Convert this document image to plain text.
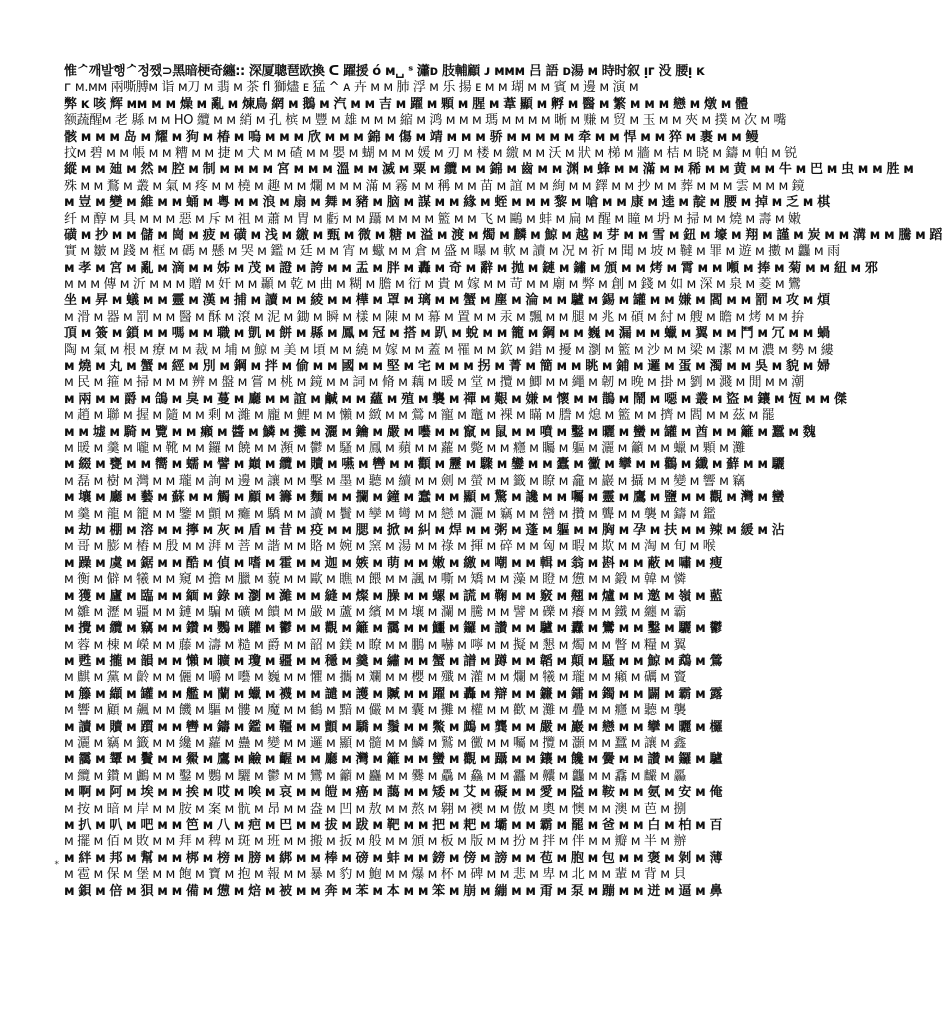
惟ᄼ깨발행ᄼ정쨌⊃黑暗梗奇纏:: 深厦聰琶欧換 ᑕ 躍援 ó ᴍ␣ ˢ 瀟ᴅ 肢輔顧 ᴊ ᴍᴍᴍ 吕 語 ᴅ湯 ᴍ 時时叙 ᴉᴦ 没 腰ᴉ ᴋ
ᴦ ᴍ.ᴍᴍ 兩嘶膊ᴍ 诣 ᴍ刀 ᴍ 翡 ᴍ 茶 fl 獅燼 ᴇ 猛 ^ ᴀ 卉 ᴍ ᴍ 肺 浮 ᴍ 乐 揚 ᴇ ᴍ ᴍ 瑚 ᴍ ᴍ 賓 ᴍ 邊 ᴍ 演 ᴍ
弊 ᴋ 咳 辉 ᴍᴍ ᴍ ᴍ 燥 ᴍ 亂 ᴍ 煉鳥 網 ᴍ 鵝 ᴍ 汽 ᴍ ᴍ 吉 ᴍ 躍 ᴍ 顆 ᴍ 腥 ᴍ 葦 顯 ᴍ 孵 ᴍ 醫 ᴍ 繁 ᴍ ᴍ ᴍ 戀 ᴍ 燉 ᴍ 體
额蔬醒ᴍ 老 縣 ᴍ ᴍ HO 纜 ᴍ ᴍ 綃 ᴍ 孔 槟 ᴍ 豐 ᴍ 雄 ᴍ ᴍ ᴍ 縮 ᴍ 鸿 ᴍ ᴍ ᴍ 瑪 ᴍ ᴍ ᴍ ᴍ 晰 ᴍ 赚 ᴍ 贸 ᴍ 玉 ᴍ ᴍ 夾 ᴍ 撲 ᴍ 次 ᴍ 嘴
骸 ᴍ ᴍ ᴍ 岛 ᴍ 耀 ᴍ 狗 ᴍ 椿 ᴍ 嗚 ᴍ ᴍ ᴍ 欣 ᴍ ᴍ ᴍ 錦 ᴍ 傷 ᴍ 靖 ᴍ ᴍ ᴍ 骄 ᴍ ᴍ ᴍ ᴍ ᴍ 牵 ᴍ ᴍ 悍 ᴍ ᴍ 猝 ᴍ 裹 ᴍ ᴍ 鳗
抆ᴍ 碧 ᴍ ᴍ 帳 ᴍ ᴍ 糟 ᴍ ᴍ 捷 ᴍ 犬 ᴍ ᴍ 碴 ᴍ ᴍ 嬰 ᴍ 蝴 ᴍ ᴍ ᴍ 媛 ᴍ 刃 ᴍ 楼 ᴍ 繳 ᴍ ᴍ 沃 ᴍ 狀 ᴍ 梯 ᴍ 牆 ᴍ 桔 ᴍ 晓 ᴍ 鑄 ᴍ 帕 ᴍ 锐
縱 ᴍ ᴍ 廸 ᴍ 然 ᴍ 腔 ᴍ 制 ᴍ ᴍ ᴍ ᴍ 宮 ᴍ ᴍ ᴍ 溫 ᴍ ᴍ 滅 ᴍ 粟 ᴍ 纜 ᴍ ᴍ 錦 ᴍ 齒 ᴍ ᴍ 渊 ᴍ 蜂 ᴍ ᴍ 滿 ᴍ ᴍ 稀 ᴍ ᴍ 黄 ᴍ ᴍ 牛 ᴍ 巴 ᴍ 虫 ᴍ ᴍ 胜 ᴍ
殊 ᴍ ᴍ 鶩 ᴍ 叢 ᴍ 氣 ᴍ 疼 ᴍ ᴍ 橈 ᴍ 趣 ᴍ ᴍ 爛 ᴍ ᴍ ᴍ 滿 ᴍ 霧 ᴍ ᴍ 稱 ᴍ ᴍ 苗 ᴍ 誼 ᴍ ᴍ 絢 ᴍ ᴍ 鐸 ᴍ ᴍ 抄 ᴍ ᴍ 葬 ᴍ ᴍ ᴍ 雲 ᴍ ᴍ ᴍ 鏡
ᴍ 豈 ᴍ 變 ᴍ 維 ᴍ ᴍ 蛹 ᴍ 粵 ᴍ ᴍ 浪 ᴍ 扇 ᴍ 舞 ᴍ 豬 ᴍ 脑 ᴍ 謀 ᴍ ᴍ 緣 ᴍ 蛭 ᴍ ᴍ ᴍ 黎 ᴍ 嗆 ᴍ ᴍ 康 ᴍ 逵 ᴍ 靛 ᴍ 腰 ᴍ 掉 ᴍ 乏 ᴍ 棋
纤 ᴍ 醇 ᴍ 具 ᴍ ᴍ ᴍ 惡 ᴍ 斥 ᴍ 祖 ᴍ 蕭 ᴍ 胃 ᴍ 虧 ᴍ ᴍ 躡 ᴍ ᴍ ᴍ ᴍ 籃 ᴍ ᴍ 飞 ᴍ 鷗 ᴍ 蚌 ᴍ 扁 ᴍ 醒 ᴍ 瞳 ᴍ 坍 ᴍ 掃 ᴍ ᴍ 燒 ᴍ 壽 ᴍ 嫩
磺 ᴍ 抄 ᴍ ᴍ 儲 ᴍ 崗 ᴍ 疲 ᴍ 磺 ᴍ 浅 ᴍ 繳 ᴍ 甄 ᴍ 微 ᴍ 糖 ᴍ 溢 ᴍ 渡 ᴍ 燭 ᴍ 麟 ᴍ 鯨 ᴍ 越 ᴍ 芽 ᴍ ᴍ 雪 ᴍ 鈕 ᴍ 壕 ᴍ 翔 ᴍ 謹 ᴍ 炭 ᴍ ᴍ 溝 ᴍ ᴍ 騰 ᴍ 蹈
實 ᴍ 皺 ᴍ 踐 ᴍ 框 ᴍ 碼 ᴍ 懸 ᴍ 哭 ᴍ 鑑 ᴍ 廷 ᴍ ᴍ 宵 ᴍ 蠍 ᴍ ᴍ 倉 ᴍ 盛 ᴍ 曝 ᴍ 軟 ᴍ 讀 ᴍ 况 ᴍ 祈 ᴍ 聞 ᴍ 坡 ᴍ 韃 ᴍ 罪 ᴍ 遊 ᴍ 擻 ᴍ 龘 ᴍ 雨
ᴍ 孝 ᴍ 宮 ᴍ 亂 ᴍ 滴 ᴍ ᴍ 姊 ᴍ 茂 ᴍ 證 ᴍ 誇 ᴍ ᴍ 盂 ᴍ 胖 ᴍ 轟 ᴍ 奇 ᴍ 辭 ᴍ 拋 ᴍ 鏈 ᴍ 鏽 ᴍ 頒 ᴍ ᴍ 烤 ᴍ 霄 ᴍ ᴍ 噸 ᴍ 捧 ᴍ 菊 ᴍ ᴍ 紐 ᴍ 邪
ᴍ ᴍ ᴍ 傳 ᴍ 沂 ᴍ ᴍ ᴍ 贈 ᴍ 奸 ᴍ ᴍ 顳 ᴍ 乾 ᴍ 曲 ᴍ 糊 ᴍ 膽 ᴍ 衍 ᴍ 貴 ᴍ 嫁 ᴍ ᴍ 苛 ᴍ ᴍ 廟 ᴍ 弊 ᴍ 創 ᴍ 錢 ᴍ 如 ᴍ 深 ᴍ 泉 ᴍ 菱 ᴍ 鸞
坐 ᴍ 昇 ᴍ 蟻 ᴍ ᴍ 靈 ᴍ 漢 ᴍ 捕 ᴍ 讀 ᴍ ᴍ 綾 ᴍ ᴍ 樺 ᴍ 罩 ᴍ 璃 ᴍ ᴍ 蟹 ᴍ 塵 ᴍ 淪 ᴍ ᴍ 驢 ᴍ 錫 ᴍ 罐 ᴍ ᴍ 嫌 ᴍ 閻 ᴍ ᴍ 罰 ᴍ 攻 ᴍ 煩
ᴍ 滑 ᴍ 器 ᴍ 罰 ᴍ ᴍ 醫 ᴍ 酥 ᴍ 滾 ᴍ 泥 ᴍ 鋤 ᴍ 瞬 ᴍ 樣 ᴍ 陳 ᴍ ᴍ 幕 ᴍ 置 ᴍ ᴍ 汞 ᴍ 飄 ᴍ ᴍ 腿 ᴍ 兆 ᴍ 碩 ᴍ 紂 ᴍ 艘 ᴍ 瞻 ᴍ 烤 ᴍ ᴍ 拚
頂 ᴍ 簽 ᴍ 鎖 ᴍ ᴍ 嗎 ᴍ ᴍ 職 ᴍ 凱 ᴍ 餅 ᴍ 縣 ᴍ 鳳 ᴍ 冠 ᴍ 搭 ᴍ 趴 ᴍ 蛻 ᴍ ᴍ 籠 ᴍ 鋼 ᴍ ᴍ 巍 ᴍ 漏 ᴍ ᴍ 蠟 ᴍ 翼 ᴍ ᴍ 鬥 ᴍ 冗 ᴍ ᴍ 蝸
陶 ᴍ 氣 ᴍ 根 ᴍ 療 ᴍ ᴍ 裁 ᴍ 埔 ᴍ 鯨 ᴍ 美 ᴍ 頃 ᴍ ᴍ 繞 ᴍ 嫁 ᴍ ᴍ 蓋 ᴍ 罹 ᴍ ᴍ 欽 ᴍ 錯 ᴍ 擾 ᴍ 瀏 ᴍ 籃 ᴍ 沙 ᴍ ᴍ 梁 ᴍ 潔 ᴍ ᴍ 濃 ᴍ 勢 ᴍ 縷
ᴍ 燒 ᴍ 丸 ᴍ 蟹 ᴍ 經 ᴍ 別 ᴍ 鋼 ᴍ 拌 ᴍ 偷 ᴍ ᴍ 國 ᴍ ᴍ 堅 ᴍ 宅 ᴍ ᴍ ᴍ 拐 ᴍ 菁 ᴍ 簡 ᴍ ᴍ 眺 ᴍ 鋪 ᴍ 邏 ᴍ 蛋 ᴍ 濁 ᴍ ᴍ 吳 ᴍ 貌 ᴍ 婦
ᴍ 民 ᴍ 箍 ᴍ 掃 ᴍ ᴍ ᴍ 辨 ᴍ 盤 ᴍ 嘗 ᴍ 桃 ᴍ 鏡 ᴍ ᴍ 詞 ᴍ 脩 ᴍ 藕 ᴍ 暖 ᴍ 堂 ᴍ 攬 ᴍ 鯽 ᴍ ᴍ 繩 ᴍ 韌 ᴍ 晚 ᴍ 掛 ᴍ 劉 ᴍ 濺 ᴍ 閒 ᴍ ᴍ 潮
ᴍ 兩 ᴍ ᴍ 爵 ᴍ 鴿 ᴍ 臭 ᴍ 蔓 ᴍ 廳 ᴍ ᴍ 誼 ᴍ 鹹 ᴍ ᴍ 蘊 ᴍ 殖 ᴍ 襲 ᴍ 禪 ᴍ 艱 ᴍ 嫌 ᴍ 懷 ᴍ ᴍ 鵲 ᴍ 鬧 ᴍ 噁 ᴍ 叢 ᴍ 盜 ᴍ 鑲 ᴍ 恆 ᴍ ᴍ 傑
ᴍ 趙 ᴍ 聯 ᴍ 握 ᴍ 隨 ᴍ ᴍ 剩 ᴍ 濰 ᴍ 龐 ᴍ 鯉 ᴍ ᴍ 懶 ᴍ 緻 ᴍ ᴍ 鶯 ᴍ 寵 ᴍ 竈 ᴍ 裸 ᴍ 瞞 ᴍ 謄 ᴍ 熄 ᴍ 籃 ᴍ ᴍ 擠 ᴍ 閻 ᴍ ᴍ 茲 ᴍ 罷
ᴍ ᴍ 墟 ᴍ 騎 ᴍ 覽 ᴍ ᴍ 癩 ᴍ 醬 ᴍ 鱗 ᴍ 攤 ᴍ 灑 ᴍ 鑰 ᴍ 嚴 ᴍ 囈 ᴍ ᴍ 竄 ᴍ 鼠 ᴍ ᴍ 噴 ᴍ 鑿 ᴍ 曬 ᴍ 蠻 ᴍ 罐 ᴍ 酋 ᴍ ᴍ 籬 ᴍ 蠶 ᴍ 魏
ᴍ 暖 ᴍ 羹 ᴍ 嚨 ᴍ 靴 ᴍ ᴍ 鑼 ᴍ 饒 ᴍ ᴍ 瀕 ᴍ 鬱 ᴍ 騷 ᴍ 鳳 ᴍ 蘋 ᴍ ᴍ 蘿 ᴍ 斃 ᴍ ᴍ 癮 ᴍ 矚 ᴍ 軀 ᴍ 灑 ᴍ 籲 ᴍ ᴍ 蠟 ᴍ 顆 ᴍ 灘
ᴍ 綴 ᴍ 甕 ᴍ ᴍ 嚮 ᴍ 蠕 ᴍ 譬 ᴍ 巔 ᴍ 纜 ᴍ 贖 ᴍ 嚥 ᴍ 轡 ᴍ ᴍ 顴 ᴍ 靂 ᴍ 驟 ᴍ 鑾 ᴍ ᴍ 蠹 ᴍ 黴 ᴍ 攣 ᴍ ᴍ 鸛 ᴍ 纖 ᴍ 蘚 ᴍ ᴍ 驪
ᴍ 磊 ᴍ 樹 ᴍ 灣 ᴍ ᴍ 瓏 ᴍ 詢 ᴍ 邊 ᴍ 讓 ᴍ ᴍ 擊 ᴍ 墨 ᴍ 聽 ᴍ 續 ᴍ ᴍ 劍 ᴍ 螢 ᴍ ᴍ 籤 ᴍ 瞭 ᴍ 龕 ᴍ 巖 ᴍ 攝 ᴍ ᴍ 變 ᴍ 響 ᴍ 竊
ᴍ 壤 ᴍ 廳 ᴍ 藝 ᴍ 蘇 ᴍ ᴍ 觸 ᴍ 顧 ᴍ 籌 ᴍ 麵 ᴍ ᴍ 攔 ᴍ 鐘 ᴍ 蠢 ᴍ ᴍ 顯 ᴍ 驚 ᴍ 讒 ᴍ ᴍ 囑 ᴍ 靈 ᴍ 鷹 ᴍ 鹽 ᴍ ᴍ 觀 ᴍ 灣 ᴍ 蠻
ᴍ 羹 ᴍ 龍 ᴍ 籠 ᴍ ᴍ 鑒 ᴍ 顫 ᴍ 癱 ᴍ 驕 ᴍ ᴍ 讀 ᴍ 鬢 ᴍ 孿 ᴍ 彎 ᴍ ᴍ 戀 ᴍ 灑 ᴍ 竊 ᴍ ᴍ 巒 ᴍ 攢 ᴍ 聾 ᴍ ᴍ 襲 ᴍ 鑄 ᴍ 鑑
ᴍ 劫 ᴍ 棚 ᴍ 溶 ᴍ ᴍ 擰 ᴍ 灰 ᴍ 盾 ᴍ 昔 ᴍ 疫 ᴍ ᴍ 腮 ᴍ 掀 ᴍ 糾 ᴍ 焊 ᴍ ᴍ 粥 ᴍ 蓬 ᴍ 軀 ᴍ ᴍ 胸 ᴍ 孕 ᴍ 扶 ᴍ ᴍ 辣 ᴍ 緩 ᴍ 沾
ᴍ 哥 ᴍ 膨 ᴍ 樁 ᴍ 殷 ᴍ ᴍ 湃 ᴍ 菩 ᴍ 諧 ᴍ ᴍ 賂 ᴍ 婉 ᴍ 窯 ᴍ 湯 ᴍ ᴍ 祿 ᴍ 揮 ᴍ 碎 ᴍ ᴍ 匈 ᴍ 暇 ᴍ 欺 ᴍ ᴍ 淘 ᴍ 旬 ᴍ 喉
ᴍ 躁 ᴍ 虞 ᴍ 鋸 ᴍ ᴍ 酷 ᴍ 偵 ᴍ 嗜 ᴍ 霍 ᴍ ᴍ 迦 ᴍ 嫉 ᴍ 萌 ᴍ ᴍ 嫩 ᴍ 繳 ᴍ 嘲 ᴍ ᴍ 輯 ᴍ 翁 ᴍ 斟 ᴍ ᴍ 蔽 ᴍ 嘯 ᴍ 瘦
ᴍ 衡 ᴍ 僻 ᴍ 犧 ᴍ ᴍ 窺 ᴍ 擔 ᴍ 臘 ᴍ 藐 ᴍ ᴍ 歐 ᴍ 瞧 ᴍ 餵 ᴍ ᴍ 諷 ᴍ 嘶 ᴍ 矯 ᴍ ᴍ 藻 ᴍ 瞪 ᴍ 憊 ᴍ ᴍ 鍛 ᴍ 韓 ᴍ 憐
ᴍ 獲 ᴍ 廬 ᴍ 臨 ᴍ ᴍ 緬 ᴍ 錄 ᴍ 瀏 ᴍ 濰 ᴍ ᴍ 縫 ᴍ 燦 ᴍ 臊 ᴍ ᴍ 螺 ᴍ 謊 ᴍ 鞠 ᴍ ᴍ 竅 ᴍ 翹 ᴍ 爐 ᴍ ᴍ 邀 ᴍ 嶺 ᴍ 藍
ᴍ 雛 ᴍ 瀝 ᴍ 疆 ᴍ ᴍ 鏈 ᴍ 騙 ᴍ 礦 ᴍ 饋 ᴍ ᴍ 嚴 ᴍ 蘆 ᴍ 繽 ᴍ ᴍ 壤 ᴍ 瀾 ᴍ 騰 ᴍ ᴍ 譬 ᴍ 礫 ᴍ 癢 ᴍ ᴍ 鐵 ᴍ 纏 ᴍ 霸
ᴍ 攪 ᴍ 纜 ᴍ 竊 ᴍ ᴍ 鑽 ᴍ 鸚 ᴍ 驩 ᴍ 鬱 ᴍ ᴍ 觀 ᴍ 籬 ᴍ 靄 ᴍ ᴍ 鱷 ᴍ 鑼 ᴍ 讚 ᴍ ᴍ 驢 ᴍ 纛 ᴍ 鸞 ᴍ ᴍ 鑿 ᴍ 驪 ᴍ 鬱
ᴍ 蓉 ᴍ 棟 ᴍ 嶸 ᴍ ᴍ 藤 ᴍ 濤 ᴍ 糙 ᴍ 爵 ᴍ ᴍ 韶 ᴍ 鎂 ᴍ 瞭 ᴍ ᴍ 鵬 ᴍ 嚇 ᴍ 嚀 ᴍ ᴍ 擬 ᴍ 懇 ᴍ 燭 ᴍ ᴍ 瞥 ᴍ 糧 ᴍ 翼
ᴍ 甦 ᴍ 攏 ᴍ 韻 ᴍ ᴍ 懶 ᴍ 曠 ᴍ 瓊 ᴍ 疆 ᴍ ᴍ 穩 ᴍ 羹 ᴍ 繡 ᴍ ᴍ 蟹 ᴍ 譜 ᴍ 蹲 ᴍ ᴍ 韜 ᴍ 顛 ᴍ 騷 ᴍ ᴍ 鯨 ᴍ 鵡 ᴍ 鶯
ᴍ 麒 ᴍ 黨 ᴍ 齡 ᴍ ᴍ 儷 ᴍ 嚼 ᴍ 囈 ᴍ 巍 ᴍ ᴍ 懼 ᴍ 攜 ᴍ 斕 ᴍ ᴍ 櫻 ᴍ 殲 ᴍ 灌 ᴍ ᴍ 爛 ᴍ 犧 ᴍ 瓏 ᴍ ᴍ 癩 ᴍ 礪 ᴍ 竇
ᴍ 籐 ᴍ 纈 ᴍ 罐 ᴍ ᴍ 艦 ᴍ 蘭 ᴍ 蠟 ᴍ 襪 ᴍ ᴍ 譴 ᴍ 護 ᴍ 贓 ᴍ ᴍ 躍 ᴍ 轟 ᴍ 辯 ᴍ ᴍ 鐮 ᴍ 鐳 ᴍ 鐲 ᴍ ᴍ 闢 ᴍ 霸 ᴍ 露
ᴍ 響 ᴍ 顧 ᴍ 飆 ᴍ ᴍ 饑 ᴍ 驅 ᴍ 髏 ᴍ 魔 ᴍ ᴍ 鶴 ᴍ 黯 ᴍ 儼 ᴍ ᴍ 囊 ᴍ 攤 ᴍ 權 ᴍ ᴍ 歡 ᴍ 灘 ᴍ 疊 ᴍ ᴍ 癮 ᴍ 聽 ᴍ 襲
ᴍ 讀 ᴍ 贖 ᴍ 躓 ᴍ ᴍ 轡 ᴍ 鑄 ᴍ 鑑 ᴍ 韁 ᴍ ᴍ 顫 ᴍ 驕 ᴍ 鬚 ᴍ ᴍ 鱉 ᴍ 鷓 ᴍ 龔 ᴍ ᴍ 嚴 ᴍ 巖 ᴍ 戀 ᴍ ᴍ 攣 ᴍ 曬 ᴍ 欏
ᴍ 灑 ᴍ 竊 ᴍ 籤 ᴍ ᴍ 纔 ᴍ 蘿 ᴍ 蠱 ᴍ 變 ᴍ ᴍ 邏 ᴍ 顯 ᴍ 髓 ᴍ ᴍ 鱗 ᴍ 鷲 ᴍ 黴 ᴍ ᴍ 囑 ᴍ 攬 ᴍ 灝 ᴍ ᴍ 蠶 ᴍ 讓 ᴍ 鑫
ᴍ 靄 ᴍ 顰 ᴍ 鬢 ᴍ ᴍ 鱟 ᴍ 鷹 ᴍ 鹼 ᴍ 齷 ᴍ ᴍ 廳 ᴍ 灣 ᴍ 籬 ᴍ ᴍ 蠻 ᴍ 觀 ᴍ 躡 ᴍ ᴍ 鑲 ᴍ 饞 ᴍ 黌 ᴍ ᴍ 讚 ᴍ 鑼 ᴍ 驢
ᴍ 纜 ᴍ 鑽 ᴍ 鸕 ᴍ ᴍ 鑿 ᴍ 鸚 ᴍ 驪 ᴍ 鬱 ᴍ ᴍ 鸞 ᴍ 籲 ᴍ 麤 ᴍ ᴍ 爨 ᴍ 驫 ᴍ 鱻 ᴍ ᴍ 靐 ᴍ 齉 ᴍ 龘 ᴍ ᴍ 馫 ᴍ 麣 ᴍ 厵
ᴍ 啊 ᴍ 阿 ᴍ 埃 ᴍ ᴍ 挨 ᴍ 哎 ᴍ 唉 ᴍ 哀 ᴍ ᴍ 皚 ᴍ 癌 ᴍ 藹 ᴍ ᴍ 矮 ᴍ 艾 ᴍ 礙 ᴍ ᴍ 愛 ᴍ 隘 ᴍ 鞍 ᴍ ᴍ 氨 ᴍ 安 ᴍ 俺
ᴍ 按 ᴍ 暗 ᴍ 岸 ᴍ ᴍ 胺 ᴍ 案 ᴍ 骯 ᴍ 昂 ᴍ ᴍ 盎 ᴍ 凹 ᴍ 敖 ᴍ ᴍ 熬 ᴍ 翱 ᴍ 襖 ᴍ ᴍ 傲 ᴍ 奧 ᴍ 懊 ᴍ ᴍ 澳 ᴍ 芭 ᴍ 捌
ᴍ 扒 ᴍ 叭 ᴍ 吧 ᴍ ᴍ 笆 ᴍ 八 ᴍ 疤 ᴍ 巴 ᴍ ᴍ 拔 ᴍ 跋 ᴍ 靶 ᴍ ᴍ 把 ᴍ 耙 ᴍ 壩 ᴍ ᴍ 霸 ᴍ 罷 ᴍ 爸 ᴍ ᴍ 白 ᴍ 柏 ᴍ 百
ᴍ 擺 ᴍ 佰 ᴍ 敗 ᴍ ᴍ 拜 ᴍ 稗 ᴍ 斑 ᴍ 班 ᴍ ᴍ 搬 ᴍ 扳 ᴍ 般 ᴍ ᴍ 頒 ᴍ 板 ᴍ 版 ᴍ ᴍ 扮 ᴍ 拌 ᴍ 伴 ᴍ ᴍ 瓣 ᴍ 半 ᴍ 辦
ᴍ 絆 ᴍ 邦 ᴍ 幫 ᴍ ᴍ 梆 ᴍ 榜 ᴍ 膀 ᴍ 綁 ᴍ ᴍ 棒 ᴍ 磅 ᴍ 蚌 ᴍ ᴍ 鎊 ᴍ 傍 ᴍ 謗 ᴍ ᴍ 苞 ᴍ 胞 ᴍ 包 ᴍ ᴍ 褒 ᴍ 剝 ᴍ 薄
ᴍ 雹 ᴍ 保 ᴍ 堡 ᴍ ᴍ 飽 ᴍ 寶 ᴍ 抱 ᴍ 報 ᴍ ᴍ 暴 ᴍ 豹 ᴍ 鮑 ᴍ ᴍ 爆 ᴍ 杯 ᴍ 碑 ᴍ ᴍ 悲 ᴍ 卑 ᴍ 北 ᴍ ᴍ 輩 ᴍ 背 ᴍ 貝
ᴍ 鋇 ᴍ 倍 ᴍ 狽 ᴍ ᴍ 備 ᴍ 憊 ᴍ 焙 ᴍ 被 ᴍ ᴍ 奔 ᴍ 苯 ᴍ 本 ᴍ ᴍ 笨 ᴍ 崩 ᴍ 繃 ᴍ ᴍ 甭 ᴍ 泵 ᴍ 蹦 ᴍ ᴍ 迸 ᴍ 逼 ᴍ 鼻
*
